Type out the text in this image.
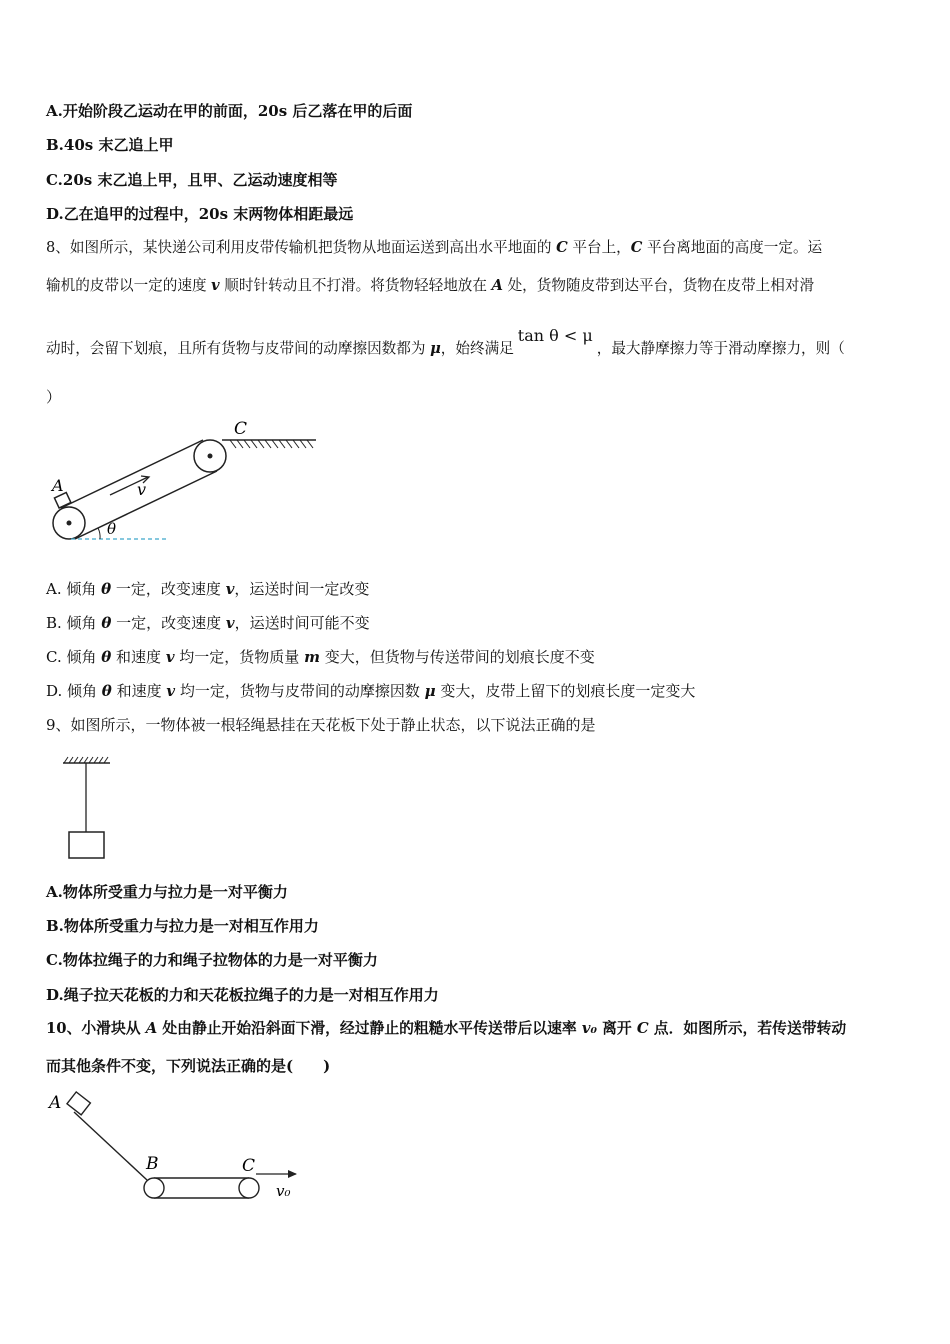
A.开始阶段乙运动在甲的前面，20s 后乙落在甲的后面
B.40s 末乙追上甲
C.20s 末乙追上甲，且甲、乙运动速度相等
D.乙在追甲的过程中，20s 末两物体相距最远
8、如图所示，某快递公司利用皮带传输机把货物从地面运送到高出水平地面的 C 平台上，C 平台离地面的高度一定。运
输机的皮带以一定的速度 v 顺时针转动且不打滑。将货物轻轻地放在 A 处，货物随皮带到达平台，货物在皮带上相对滑
动时，会留下划痕，且所有货物与皮带间的动摩擦因数都为 μ，始终满足tan θ < μ，最大静摩擦力等于滑动摩擦力，则（
）
C
A	v
θ
A. 倾角 θ 一定，改变速度 v，运送时间一定改变
B. 倾角 θ 一定，改变速度 v，运送时间可能不变
C. 倾角 θ 和速度 v 均一定，货物质量 m 变大，但货物与传送带间的划痕长度不变
D. 倾角 θ 和速度 v 均一定，货物与皮带间的动摩擦因数 μ 变大，皮带上留下的划痕长度一定变大
9、如图所示，一物体被一根轻绳悬挂在天花板下处于静止状态，以下说法正确的是
A.物体所受重力与拉力是一对平衡力
B.物体所受重力与拉力是一对相互作用力
C.物体拉绳子的力和绳子拉物体的力是一对平衡力
D.绳子拉天花板的力和天花板拉绳子的力是一对相互作用力
10、小滑块从 A 处由静止开始沿斜面下滑，经过静止的粗糙水平传送带后以速率 v₀ 离开 C 点．如图所示，若传送带转动
而其他条件不变，下列说法正确的是(　　)
A
B	C
v₀
